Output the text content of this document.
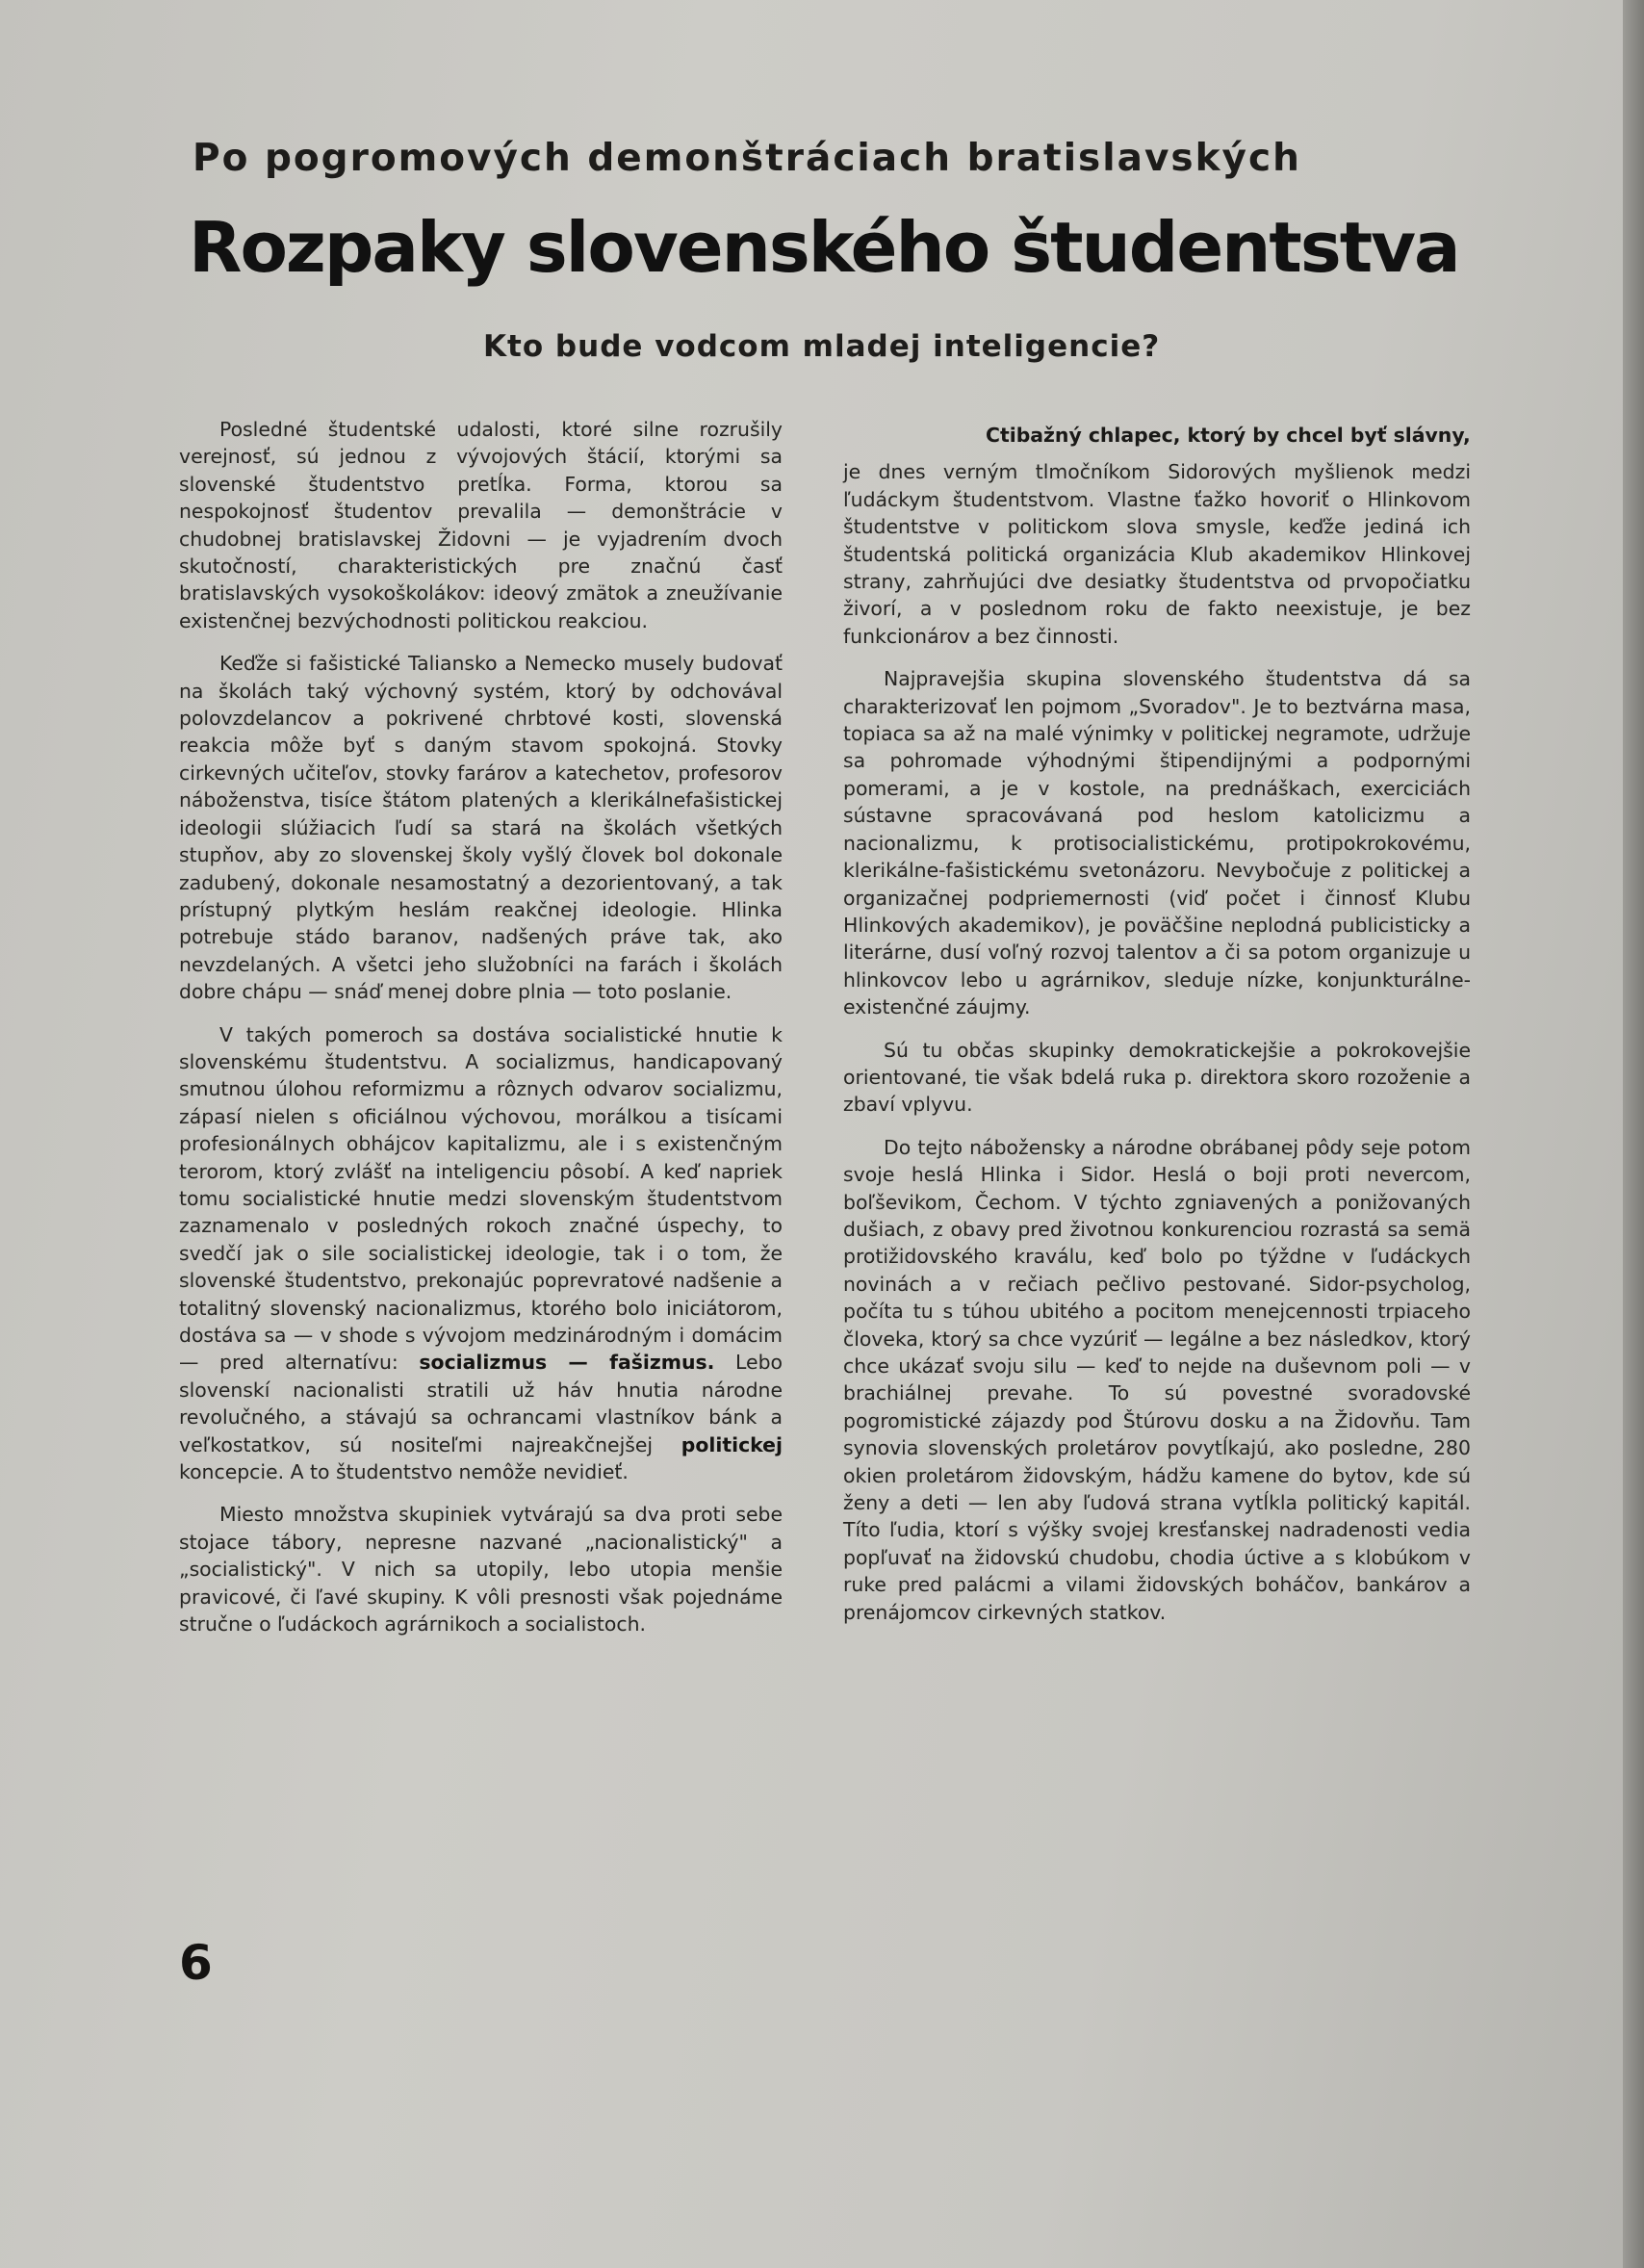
Po pogromových demonštráciach bratislavských
Rozpaky slovenského študentstva
Kto bude vodcom mladej inteligencie?

Posledné študentské udalosti, ktoré silne rozrušily verejnosť, sú jednou z vývojových štácií, ktorými sa slovenské študentstvo pretĺka. Forma, ktorou sa nespokojnosť študentov prevalila — demonštrácie v chudobnej bratislavskej Židovni — je vyjadrením dvoch skutočností, charakteristických pre značnú časť bratislavských vysokoškolákov: ideový zmätok a zneužívanie existenčnej bezvýchodnosti politickou reakciou.

Keďže si fašistické Taliansko a Nemecko musely budovať na školách taký výchovný systém, ktorý by odchovával polovzdelancov a pokrivené chrbtové kosti, slovenská reakcia môže byť s daným stavom spokojná. Stovky cirkevných učiteľov, stovky farárov a katechetov, profesorov náboženstva, tisíce štátom platených a klerikálnefašistickej ideologii slúžiacich ľudí sa stará na školách všetkých stupňov, aby zo slovenskej školy vyšlý človek bol dokonale zadubený, dokonale nesamostatný a dezorientovaný, a tak prístupný plytkým heslám reakčnej ideologie. Hlinka potrebuje stádo baranov, nadšených práve tak, ako nevzdelaných. A všetci jeho služobníci na farách i školách dobre chápu — snáď menej dobre plnia — toto poslanie.

V takých pomeroch sa dostáva socialistické hnutie k slovenskému študentstvu. A socializmus, handicapovaný smutnou úlohou reformizmu a rôznych odvarov socializmu, zápasí nielen s oficiálnou výchovou, morálkou a tisícami profesionálnych obhájcov kapitalizmu, ale i s existenčným terorom, ktorý zvlášť na inteligenciu pôsobí. A keď napriek tomu socialistické hnutie medzi slovenským študentstvom zaznamenalo v posledných rokoch značné úspechy, to svedčí jak o sile socialistickej ideologie, tak i o tom, že slovenské študentstvo, prekonajúc poprevratové nadšenie a totalitný slovenský nacionalizmus, ktorého bolo iniciátorom, dostáva sa — v shode s vývojom medzinárodným i domácim — pred alternatívu: socializmus — fašizmus. Lebo slovenskí nacionalisti stratili už háv hnutia národne revolučného, a stávajú sa ochrancami vlastníkov bánk a veľkostatkov, sú nositeľmi najreakčnejšej politickej koncepcie. A to študentstvo nemôže nevidieť.

Miesto množstva skupiniek vytvárajú sa dva proti sebe stojace tábory, nepresne nazvané „nacionalistický" a „socialistický". V nich sa utopily, lebo utopia menšie pravicové, či ľavé skupiny. K vôli presnosti však pojednáme stručne o ľudáckoch agrárnikoch a socialistoch.

Ctibažný chlapec, ktorý by chcel byť slávny,

je dnes verným tlmočníkom Sidorových myšlienok medzi ľudáckym študentstvom. Vlastne ťažko hovoriť o Hlinkovom študentstve v politickom slova smysle, keďže jediná ich študentská politická organizácia Klub akademikov Hlinkovej strany, zahrňujúci dve desiatky študentstva od prvopočiatku živorí, a v poslednom roku de fakto neexistuje, je bez funkcionárov a bez činnosti.

Najpravejšia skupina slovenského študentstva dá sa charakterizovať len pojmom „Svoradov". Je to beztvárna masa, topiaca sa až na malé výnimky v politickej negramote, udržuje sa pohromade výhodnými štipendijnými a podpornými pomerami, a je v kostole, na prednáškach, exerciciách sústavne spracovávaná pod heslom katolicizmu a nacionalizmu, k protisocialistickému, protipokrokovému, klerikálne-fašistickému svetonázoru. Nevybočuje z politickej a organizačnej podpriemernosti (viď počet i činnosť Klubu Hlinkových akademikov), je poväčšine neplodná publicisticky a literárne, dusí voľný rozvoj talentov a či sa potom organizuje u hlinkovcov lebo u agrárnikov, sleduje nízke, konjunkturálne-existenčné záujmy.

Sú tu občas skupinky demokratickejšie a pokrokovejšie orientované, tie však bdelá ruka p. direktora skoro rozoženie a zbaví vplyvu.

Do tejto nábožensky a národne obrábanej pôdy seje potom svoje heslá Hlinka i Sidor. Heslá o boji proti nevercom, boľševikom, Čechom. V týchto zgniavených a ponižovaných dušiach, z obavy pred životnou konkurenciou rozrastá sa semä protižidovského kraválu, keď bolo po týždne v ľudáckych novinách a v rečiach pečlivo pestované. Sidor-psycholog, počíta tu s túhou ubitého a pocitom menejcennosti trpiaceho človeka, ktorý sa chce vyzúriť — legálne a bez následkov, ktorý chce ukázať svoju silu — keď to nejde na duševnom poli — v brachiálnej prevahe. To sú povestné svoradovské pogromistické zájazdy pod Štúrovu dosku a na Židovňu. Tam synovia slovenských proletárov povytĺkajú, ako posledne, 280 okien proletárom židovským, hádžu kamene do bytov, kde sú ženy a deti — len aby ľudová strana vytĺkla politický kapitál. Títo ľudia, ktorí s výšky svojej kresťanskej nadradenosti vedia popľuvať na židovskú chudobu, chodia úctive a s klobúkom v ruke pred palácmi a vilami židovských boháčov, bankárov a prenájomcov cirkevných statkov.

6
